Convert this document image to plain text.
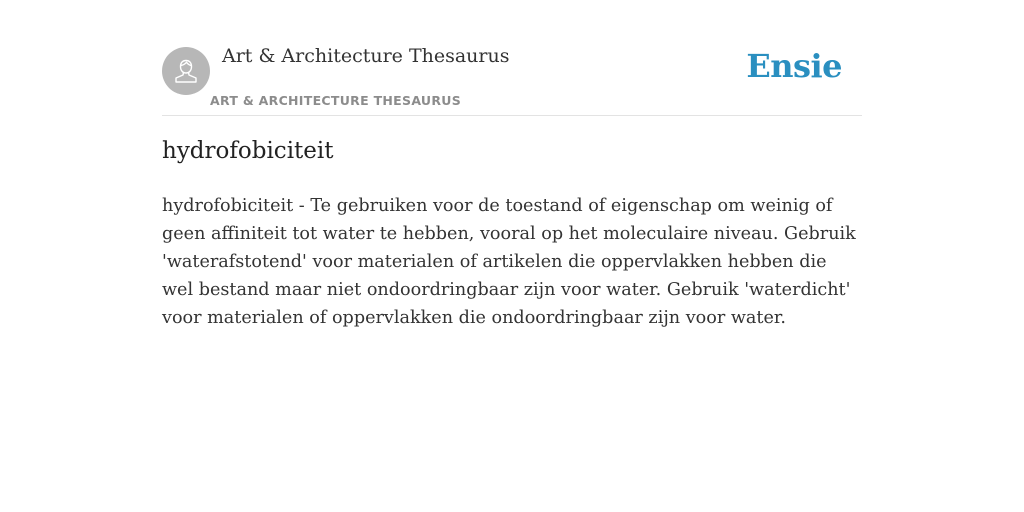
Art & Architecture Thesaurus
ART & ARCHITECTURE THESAURUS
Ensie
hydrofobiciteit

hydrofobiciteit - Te gebruiken voor de toestand of eigenschap om weinig of geen affiniteit tot water te hebben, vooral op het moleculaire niveau. Gebruik 'waterafstotend' voor materialen of artikelen die oppervlakken hebben die wel bestand maar niet ondoordringbaar zijn voor water. Gebruik 'waterdicht' voor materialen of oppervlakken die ondoordringbaar zijn voor water.
